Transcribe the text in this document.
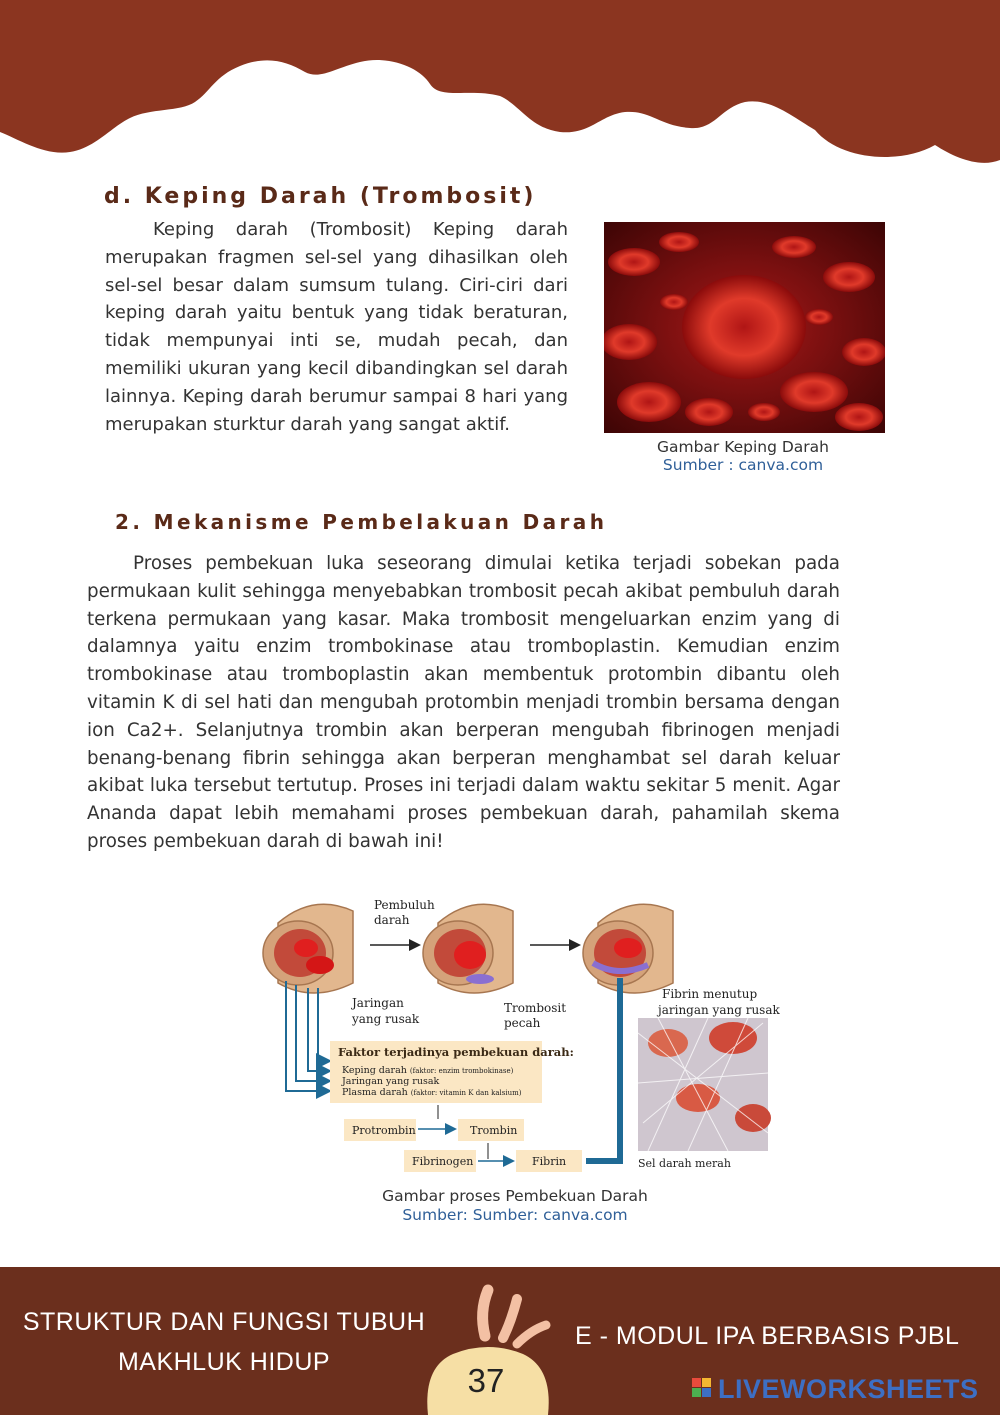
d. Keping Darah (Trombosit)

Keping darah (Trombosit) Keping darah merupakan fragmen sel-sel yang dihasilkan oleh sel-sel besar dalam sumsum tulang. Ciri-ciri dari keping darah yaitu bentuk yang tidak beraturan, tidak mempunyai inti se, mudah pecah, dan memiliki ukuran yang kecil dibandingkan sel darah lainnya. Keping darah berumur sampai 8 hari yang merupakan sturktur darah yang sangat aktif.

Gambar Keping Darah
Sumber : canva.com
2. Mekanisme Pembelakuan Darah

Proses pembekuan luka seseorang dimulai ketika terjadi sobekan pada permukaan kulit sehingga menyebabkan trombosit pecah akibat pembuluh darah terkena permukaan yang kasar. Maka trombosit mengeluarkan enzim yang di dalamnya yaitu enzim trombokinase atau tromboplastin. Kemudian enzim trombokinase atau tromboplastin akan membentuk protombin dibantu oleh vitamin K di sel hati dan mengubah protombin menjadi trombin bersama dengan ion Ca2+. Selanjutnya trombin akan berperan mengubah fibrinogen menjadi benang-benang fibrin sehingga akan berperan menghambat sel darah keluar akibat luka tersebut tertutup. Proses ini terjadi dalam waktu sekitar 5 menit. Agar Ananda dapat lebih memahami proses pembekuan darah, pahamilah skema proses pembekuan darah di bawah ini!

Pembuluh
darah
Jaringan
yang rusak
Trombosit
pecah
Fibrin menutup
jaringan yang rusak
Faktor terjadinya pembekuan darah:
Keping darah (faktor: enzim trombokinase)
Jaringan yang rusak
Plasma darah (faktor: vitamin K dan kalsium)
Protrombin	Trombin
Fibrinogen	Fibrin	Sel darah merah
Gambar proses Pembekuan Darah
Sumber: Sumber: canva.com
STRUKTUR DAN FUNGSI TUBUH
MAKHLUK HIDUP	37
E - MODUL IPA BERBASIS PJBL
LIVEWORKSHEETS
